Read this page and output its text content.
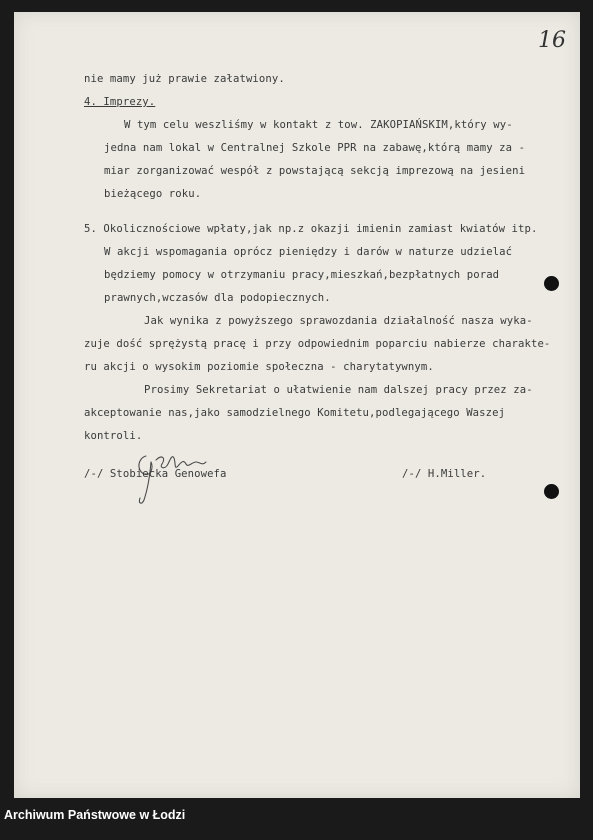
16
nie mamy już prawie załatwiony.
4. Imprezy.
W tym celu weszliśmy w kontakt z tow. ZAKOPIAŃSKIM,który wy-
jedna nam lokal w Centralnej Szkole PPR na zabawę,którą mamy za -
miar zorganizować wespół z powstającą sekcją imprezową na jesieni
bieżącego roku.
5. Okolicznościowe wpłaty,jak np.z okazji imienin zamiast kwiatów itp.
W akcji wspomagania oprócz pieniędzy i darów w naturze udzielać
będziemy pomocy w otrzymaniu pracy,mieszkań,bezpłatnych porad
prawnych,wczasów dla podopiecznych.
Jak wynika z powyższego sprawozdania działalność nasza wyka-
zuje dość sprężystą pracę i przy odpowiednim poparciu nabierze charakte-
ru akcji o wysokim poziomie społeczna - charytatywnym.
Prosimy Sekretariat o ułatwienie nam dalszej pracy przez za-
akceptowanie nas,jako samodzielnego Komitetu,podlegającego Waszej
kontroli.
/-/ Stobiecka Genowefa	/-/ H.Miller.
Archiwum Państwowe w Łodzi
